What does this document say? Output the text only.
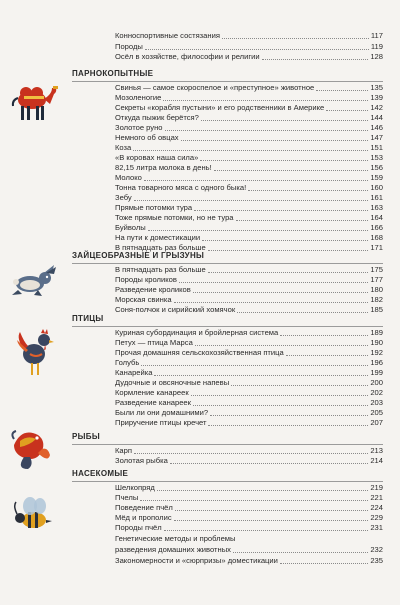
Конноспортивные состязания	117
Породы	119
Осёл в хозяйстве, философии и религии	128
ПАРНОКОПЫТНЫЕ
Свинья — самое скороспелое и «преступное» животное	135
Мозоленогие	139
Секреты «корабля пустыни» и его родственники в Америке	142
Откуда пыжик берётся?	144
Золотое руно	146
Немного об овцах	147
Коза	151
«В коровах наша сила»	153
82,15 литра молока в день!	156
Молоко	159
Тонна товарного мяса с одного быка!	160
Зебу	161
Прямые потомки тура	163
Тоже прямые потомки, но не тура	164
Буйволы	166
На пути к доместикации	168
В пятнадцать раз больше	171
ЗАЙЦЕОБРАЗНЫЕ И ГРЫЗУНЫ
В пятнадцать раз больше	175
Породы кроликов	177
Разведение кроликов	180
Морская свинка	182
Соня-полчок и сирийский хомячок	185
ПТИЦЫ
Куриная субординация и бройлерная система	189
Петух — птица Марса	190
Прочая домашняя сельскохозяйственная птица	192
Голубь	196
Канарейка	199
Дудочные и овсяночные напевы	200
Кормление канареек	202
Разведение канареек	203
Были ли они домашними?	205
Приручение птицы кречет	207
РЫБЫ
Карп	213
Золотая рыбка	214
НАСЕКОМЫЕ
Шелкопряд	219
Пчелы	221
Поведение пчёл	224
Мёд и прополис	229
Породы пчёл	231
Генетические методы и проблемы
разведения домашних животных	232
Закономерности и «сюрпризы» доместикации	235
